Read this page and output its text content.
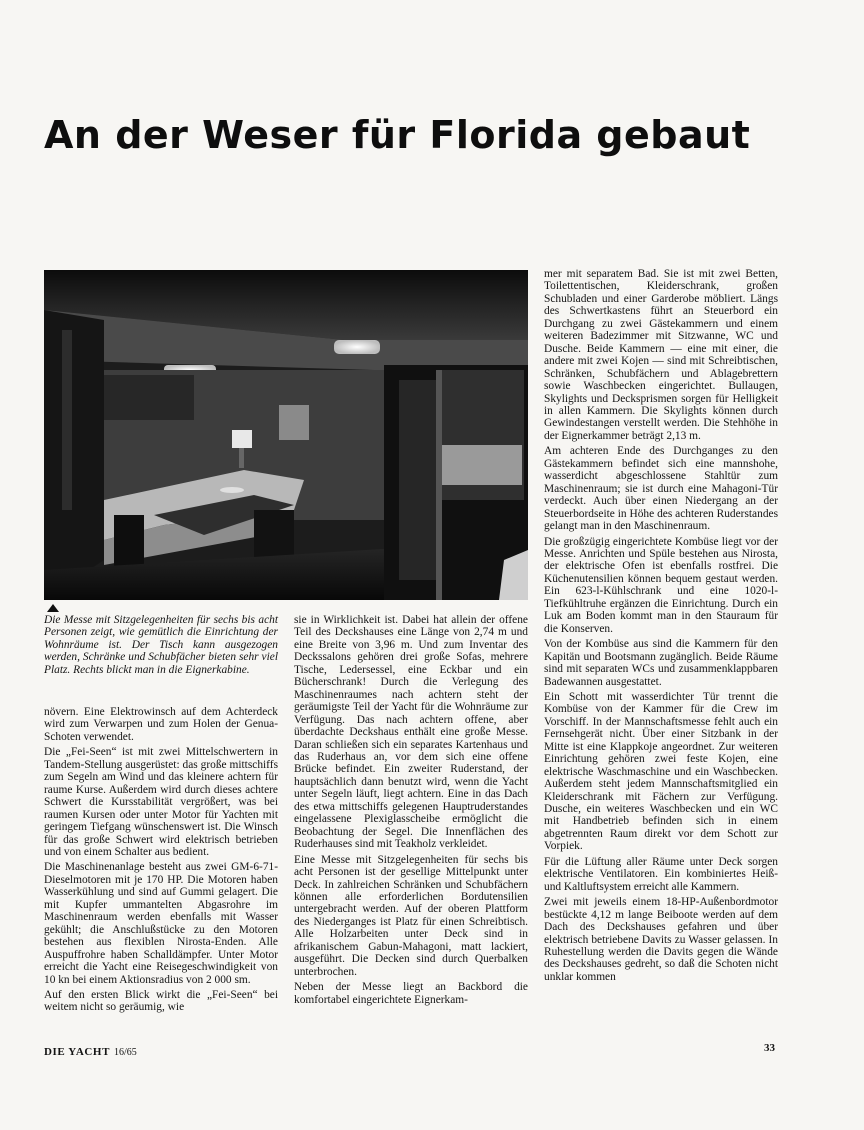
An der Weser für Florida gebaut
Die Messe mit Sitzgelegenheiten für sechs bis acht Personen zeigt, wie gemütlich die Einrichtung der Wohnräume ist. Der Tisch kann ausgezogen werden, Schränke und Schubfächer bieten sehr viel Platz. Rechts blickt man in die Eignerkabine.

növern. Eine Elektrowinsch auf dem Achterdeck wird zum Verwarpen und zum Holen der Genua-Schoten verwendet.

Die „Fei-Seen“ ist mit zwei Mittelschwertern in Tandem-Stellung ausgerüstet: das große mittschiffs zum Segeln am Wind und das kleinere achtern für raume Kurse. Außerdem wird durch dieses achtere Schwert die Kursstabilität vergrößert, was bei raumen Kursen oder unter Motor für Yachten mit geringem Tiefgang wünschenswert ist. Die Winsch für das große Schwert wird elektrisch betrieben und von einem Schalter aus bedient.

Die Maschinenanlage besteht aus zwei GM-6-71-Dieselmotoren mit je 170 HP. Die Motoren haben Wasserkühlung und sind auf Gummi gelagert. Die mit Kupfer ummantelten Abgasrohre im Maschinenraum werden ebenfalls mit Wasser gekühlt; die Anschlußstücke zu den Motoren bestehen aus flexiblen Nirosta-Enden. Alle Auspuffrohre haben Schalldämpfer. Unter Motor erreicht die Yacht eine Reisegeschwindigkeit von 10 kn bei einem Aktionsradius von 2 000 sm.

Auf den ersten Blick wirkt die „Fei-Seen“ bei weitem nicht so geräumig, wie

sie in Wirklichkeit ist. Dabei hat allein der offene Teil des Deckshauses eine Länge von 2,74 m und eine Breite von 3,96 m. Und zum Inventar des Deckssalons gehören drei große Sofas, mehrere Tische, Ledersessel, eine Eckbar und ein Bücherschrank! Durch die Verlegung des Maschinenraumes nach achtern steht der geräumigste Teil der Yacht für die Wohnräume zur Verfügung. Das nach achtern offene, aber überdachte Deckshaus enthält eine große Messe. Daran schließen sich ein separates Kartenhaus und das Ruderhaus an, vor dem sich eine offene Brücke befindet. Ein zweiter Ruderstand, der hauptsächlich dann benutzt wird, wenn die Yacht unter Segeln läuft, liegt achtern. Eine in das Dach des etwa mittschiffs gelegenen Hauptruderstandes eingelassene Plexiglasscheibe ermöglicht die Beobachtung der Segel. Die Innenflächen des Ruderhauses sind mit Teakholz verkleidet.

Eine Messe mit Sitzgelegenheiten für sechs bis acht Personen ist der gesellige Mittelpunkt unter Deck. In zahlreichen Schränken und Schubfächern können alle erforderlichen Bordutensilien untergebracht werden. Auf der oberen Plattform des Niederganges ist Platz für einen Schreibtisch. Alle Holzarbeiten unter Deck sind in afrikanischem Gabun-Mahagoni, matt lackiert, ausgeführt. Die Decken sind durch Querbalken unterbrochen.

Neben der Messe liegt an Backbord die komfortabel eingerichtete Eignerkam-

mer mit separatem Bad. Sie ist mit zwei Betten, Toilettentischen, Kleiderschrank, großen Schubladen und einer Garderobe möbliert. Längs des Schwertkastens führt an Steuerbord ein Durchgang zu zwei Gästekammern und einem weiteren Badezimmer mit Sitzwanne, WC und Dusche. Beide Kammern — eine mit einer, die andere mit zwei Kojen — sind mit Schreibtischen, Schränken, Schubfächern und Ablagebrettern sowie Waschbecken eingerichtet. Bullaugen, Skylights und Decksprismen sorgen für Helligkeit in allen Kammern. Die Skylights können durch Gewindestangen verstellt werden. Die Stehhöhe in der Eignerkammer beträgt 2,13 m.

Am achteren Ende des Durchganges zu den Gästekammern befindet sich eine mannshohe, wasserdicht abgeschlossene Stahltür zum Maschinenraum; sie ist durch eine Mahagoni-Tür verdeckt. Auch über einen Niedergang an der Steuerbordseite in Höhe des achteren Ruderstandes gelangt man in den Maschinenraum.

Die großzügig eingerichtete Kombüse liegt vor der Messe. Anrichten und Spüle bestehen aus Nirosta, der elektrische Ofen ist ebenfalls rostfrei. Die Küchenutensilien können bequem gestaut werden. Ein 623-l-Kühlschrank und eine 1020-l-Tiefkühltruhe ergänzen die Einrichtung. Durch ein Luk am Boden kommt man in den Stauraum für die Konserven.

Von der Kombüse aus sind die Kammern für den Kapitän und Bootsmann zugänglich. Beide Räume sind mit separaten WCs und zusammenklappbaren Badewannen ausgestattet.

Ein Schott mit wasserdichter Tür trennt die Kombüse von der Kammer für die Crew im Vorschiff. In der Mannschaftsmesse fehlt auch ein Fernsehgerät nicht. Über einer Sitzbank in der Mitte ist eine Klappkoje angeordnet. Zur weiteren Einrichtung gehören zwei feste Kojen, eine elektrische Waschmaschine und ein Waschbecken. Außerdem steht jedem Mannschaftsmitglied ein Kleiderschrank mit Fächern zur Verfügung. Dusche, ein weiteres Waschbecken und ein WC mit Handbetrieb befinden sich in einem abgetrennten Raum direkt vor dem Schott zur Vorpiek.

Für die Lüftung aller Räume unter Deck sorgen elektrische Ventilatoren. Ein kombiniertes Heiß- und Kaltluftsystem erreicht alle Kammern.

Zwei mit jeweils einem 18-HP-Außenbordmotor bestückte 4,12 m lange Beiboote werden auf dem Dach des Deckshauses gefahren und über elektrisch betriebene Davits zu Wasser gelassen. In Ruhestellung werden die Davits gegen die Wände des Deckshauses gedreht, so daß die Schoten nicht unklar kommen

DIE YACHT 16/65	33
